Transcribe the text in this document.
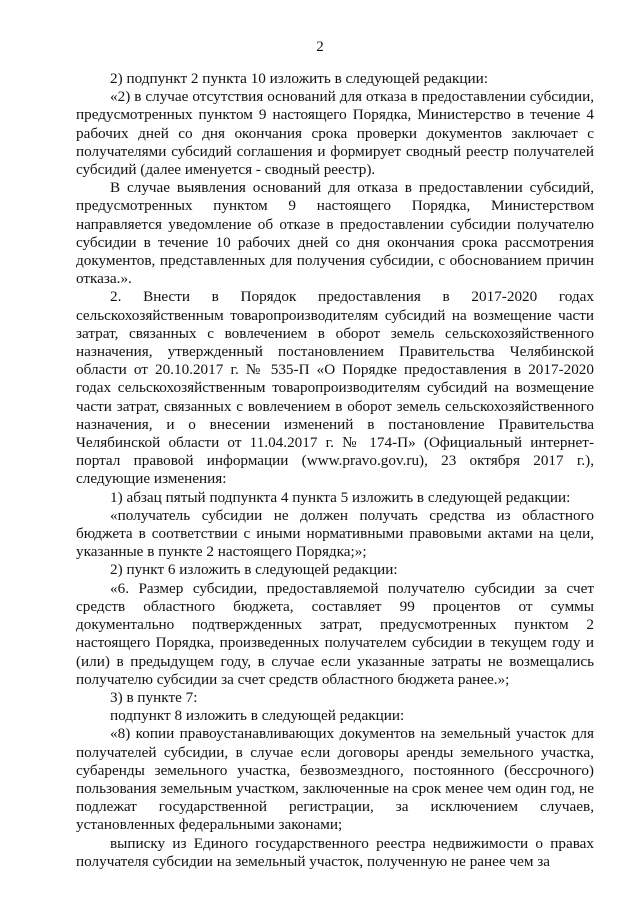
2

2) подпункт 2 пункта 10 изложить в следующей редакции:

«2) в случае отсутствия оснований для отказа в предоставлении субсидии, предусмотренных пунктом 9 настоящего Порядка, Министерство в течение 4 рабочих дней со дня окончания срока проверки документов заключает с получателями субсидий соглашения и формирует сводный реестр получателей субсидий (далее именуется - сводный реестр).

В случае выявления оснований для отказа в предоставлении субсидий, предусмотренных пунктом 9 настоящего Порядка, Министерством направляется уведомление об отказе в предоставлении субсидии получателю субсидии в течение 10 рабочих дней со дня окончания срока рассмотрения документов, представленных для получения субсидии, с обоснованием причин отказа.».

2. Внести в Порядок предоставления в 2017-2020 годах сельскохозяйственным товаропроизводителям субсидий на возмещение части затрат, связанных с вовлечением в оборот земель сельскохозяйственного назначения, утвержденный постановлением Правительства Челябинской области от 20.10.2017 г. № 535-П «О Порядке предоставления в 2017-2020 годах сельскохозяйственным товаропроизводителям субсидий на возмещение части затрат, связанных с вовлечением в оборот земель сельскохозяйственного назначения, и о внесении изменений в постановление Правительства Челябинской области от 11.04.2017 г. № 174-П» (Официальный интернет-портал правовой информации (www.pravo.gov.ru), 23 октября 2017 г.), следующие изменения:

1) абзац пятый подпункта 4 пункта 5 изложить в следующей редакции:

«получатель субсидии не должен получать средства из областного бюджета в соответствии с иными нормативными правовыми актами на цели, указанные в пункте 2 настоящего Порядка;»;

2) пункт 6 изложить в следующей редакции:

«6. Размер субсидии, предоставляемой получателю субсидии за счет средств областного бюджета, составляет 99 процентов от суммы документально подтвержденных затрат, предусмотренных пунктом 2 настоящего Порядка, произведенных получателем субсидии в текущем году и (или) в предыдущем году, в случае если указанные затраты не возмещались получателю субсидии за счет средств областного бюджета ранее.»;

3) в пункте 7:

подпункт 8 изложить в следующей редакции:

«8) копии правоустанавливающих документов на земельный участок для получателей субсидии, в случае если договоры аренды земельного участка, субаренды земельного участка, безвозмездного, постоянного (бессрочного) пользования земельным участком, заключенные на срок менее чем один год, не подлежат государственной регистрации, за исключением случаев, установленных федеральными законами;

выписку из Единого государственного реестра недвижимости о правах получателя субсидии на земельный участок, полученную не ранее чем за
